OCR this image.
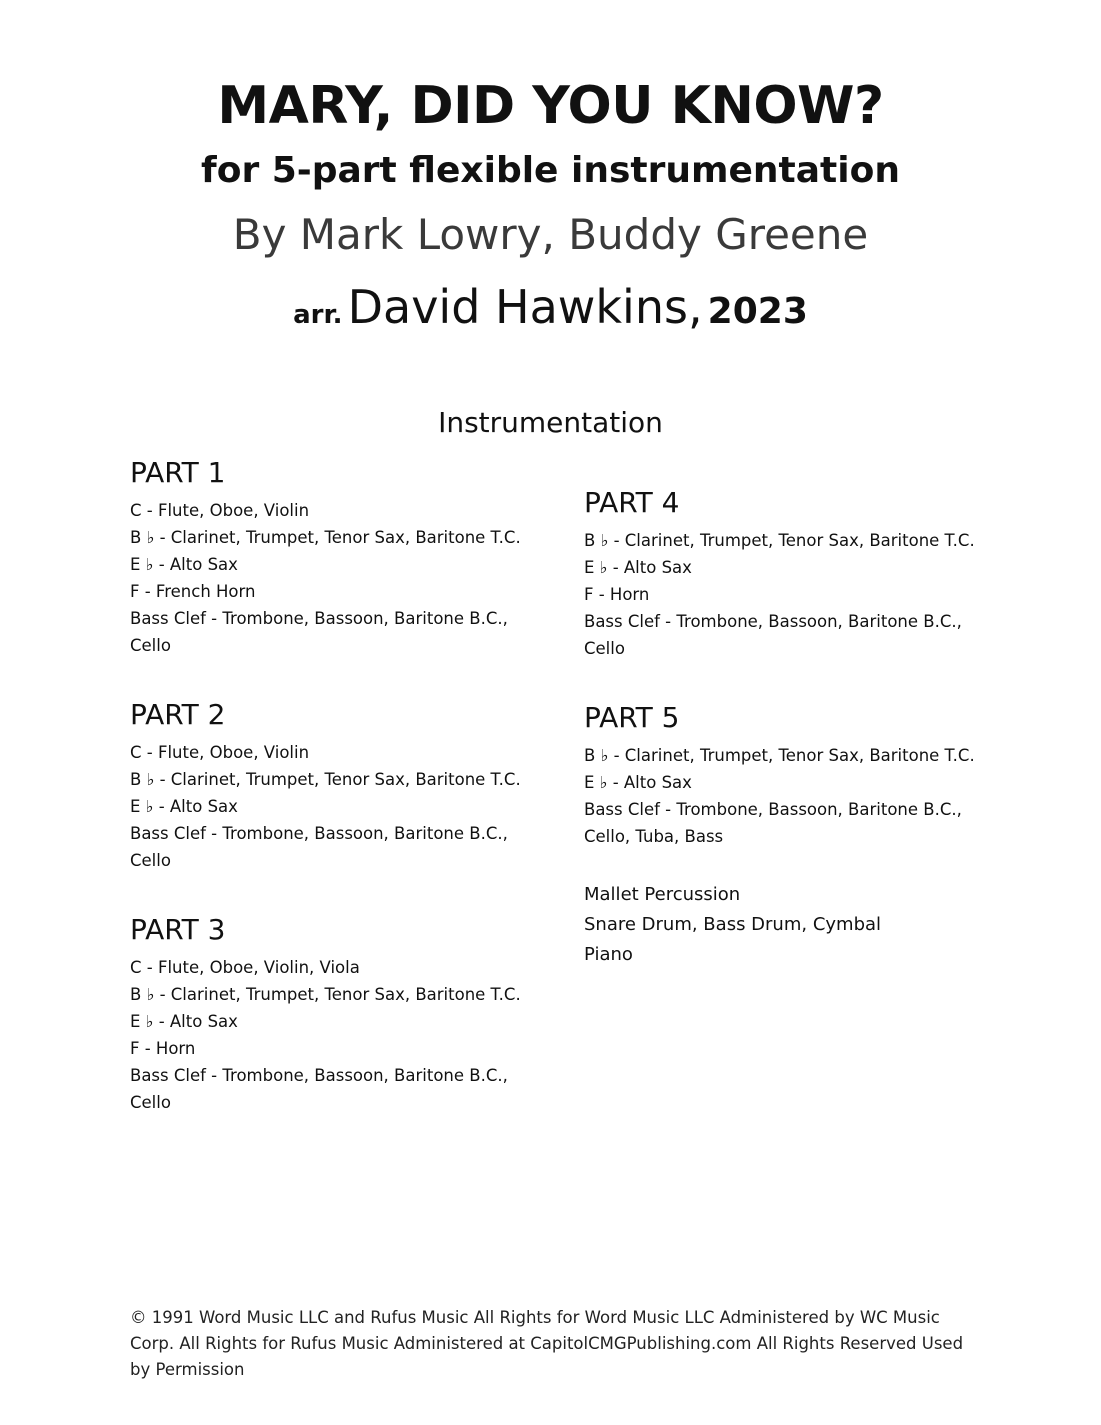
MARY, DID YOU KNOW?
for 5-part flexible instrumentation
By Mark Lowry, Buddy Greene
arr. David Hawkins, 2023
Instrumentation
PART 1
C - Flute, Oboe, Violin
B ♭ - Clarinet, Trumpet, Tenor Sax, Baritone T.C.
E ♭ - Alto Sax
F - French Horn
Bass Clef - Trombone, Bassoon, Baritone B.C.,
Cello
PART 2
C - Flute, Oboe, Violin
B ♭ - Clarinet, Trumpet, Tenor Sax, Baritone T.C.
E ♭ - Alto Sax
Bass Clef - Trombone, Bassoon, Baritone B.C.,
Cello
PART 3
C - Flute, Oboe, Violin, Viola
B ♭ - Clarinet, Trumpet, Tenor Sax, Baritone T.C.
E ♭ - Alto Sax
F - Horn
Bass Clef - Trombone, Bassoon, Baritone B.C.,
Cello
PART 4
B ♭ - Clarinet, Trumpet, Tenor Sax, Baritone T.C.
E ♭ - Alto Sax
F - Horn
Bass Clef - Trombone, Bassoon, Baritone B.C.,
Cello
PART 5
B ♭ - Clarinet, Trumpet, Tenor Sax, Baritone T.C.
E ♭ - Alto Sax
Bass Clef - Trombone, Bassoon, Baritone B.C.,
Cello, Tuba, Bass
Mallet Percussion
Snare Drum, Bass Drum, Cymbal
Piano
© 1991 Word Music LLC and Rufus Music All Rights for Word Music LLC Administered by WC Music Corp. All Rights for Rufus Music Administered at CapitolCMGPublishing.com All Rights Reserved Used by Permission
